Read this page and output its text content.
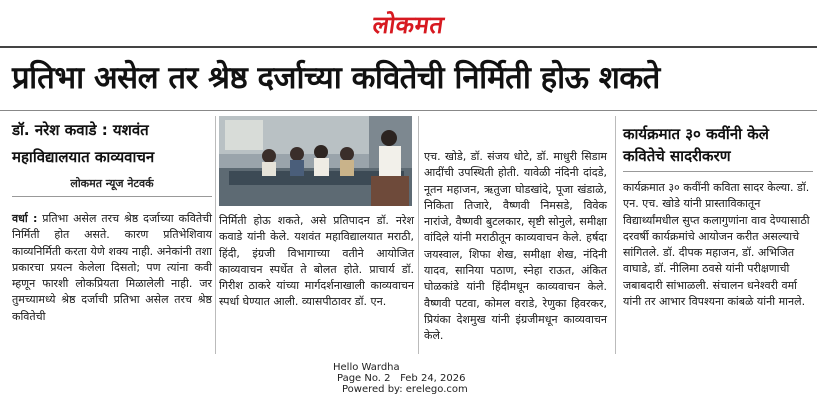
लोकमत
प्रतिभा असेल तर श्रेष्ठ दर्जाच्या कवितेची निर्मिती होऊ शकते
डॉ. नरेश कवाडे : यशवंत महाविद्यालयात काव्यवाचन
लोकमत न्यूज नेटवर्क
वर्धा : प्रतिभा असेल तरच श्रेष्ठ दर्जाच्या कवितेची निर्मिती होत असते. कारण प्रतिभेशिवाय काव्यनिर्मिती करता येणे शक्य नाही. अनेकांनी तशा प्रकारचा प्रयत्न केलेला दिसतो; पण त्यांना कवी म्हणून फारशी लोकप्रियता मिळालेली नाही. जर तुमच्यामध्ये श्रेष्ठ दर्जाची प्रतिभा असेल तरच श्रेष्ठ कवितेची
निर्मिती होऊ शकते, असे प्रतिपादन डॉ. नरेश कवाडे यांनी केले. यशवंत महाविद्यालयात मराठी, हिंदी, इंग्रजी विभागाच्या वतीने आयोजित काव्यवाचन स्पर्धेत ते बोलत होते. प्राचार्य डॉ. गिरीश ठाकरे यांच्या मार्गदर्शनाखाली काव्यवाचन स्पर्धा घेण्यात आली. व्यासपीठावर डॉ. एन.
एच. खोडे, डॉ. संजय धोटे, डॉ. माधुरी सिडाम आदींची उपस्थिती होती. यावेळी नंदिनी दांदडे, नूतन महाजन, ऋतुजा घोडखांदे, पूजा खंडाळे, निकिता तिजारे, वैष्णवी निमसडे, विवेक नारांजे, वैष्णवी बुटलकार, सृष्टी सोनुले, समीक्षा वांदिले यांनी मराठीतून काव्यवाचन केले. हर्षदा जयस्वाल, शिफा शेख, समीक्षा शेख, नंदिनी यादव, सानिया पठाण, स्नेहा राऊत, अंकित घोळकांडे यांनी हिंदीमधून काव्यवाचन केले. वैष्णवी पटवा, कोमल वराडे, रेणुका हिवरकर, प्रियंका देशमुख यांनी इंग्रजीमधून काव्यवाचन केले.
कार्यक्रमात ३० कवींनी केले कवितेचे सादरीकरण
कार्यक्रमात ३० कवींनी कविता सादर केल्या. डॉ. एन. एच. खोडे यांनी प्रास्ताविकातून विद्यार्थ्यांमधील सुप्त कलागुणांना वाव देण्यासाठी दरवर्षी कार्यक्रमांचे आयोजन करीत असल्याचे सांगितले. डॉ. दीपक महाजन, डॉ. अभिजित वाघाडे, डॉ. नीलिमा ठवसे यांनी परीक्षणाची जबाबदारी सांभाळली. संचालन धनेश्वरी वर्मा यांनी तर आभार विपश्यना कांबळे यांनी मानले.
Hello Wardha
Page No. 2 Feb 24, 2026
Powered by: erelego.com
